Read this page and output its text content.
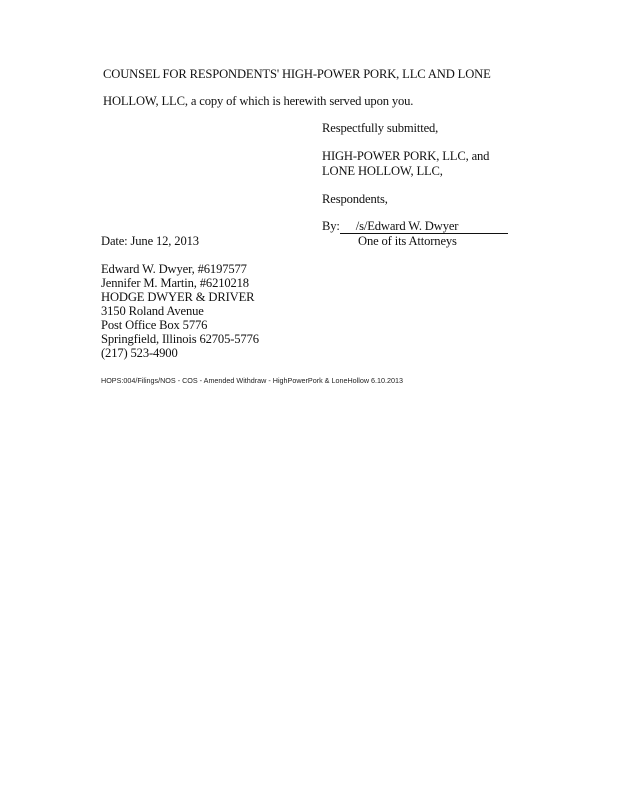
COUNSEL FOR RESPONDENTS' HIGH-POWER PORK, LLC AND LONE
HOLLOW, LLC, a copy of which is herewith served upon you.
Respectfully submitted,
HIGH-POWER PORK, LLC, and
LONE HOLLOW, LLC,
Respondents,
By: /s/Edward W. Dwyer
Date: June 12, 2013	One of its Attorneys
Edward W. Dwyer, #6197577
Jennifer M. Martin, #6210218
HODGE DWYER & DRIVER
3150 Roland Avenue
Post Office Box 5776
Springfield, Illinois 62705-5776
(217) 523-4900
HOPS:004/Filings/NOS - COS - Amended Withdraw - HighPowerPork & LoneHollow 6.10.2013
